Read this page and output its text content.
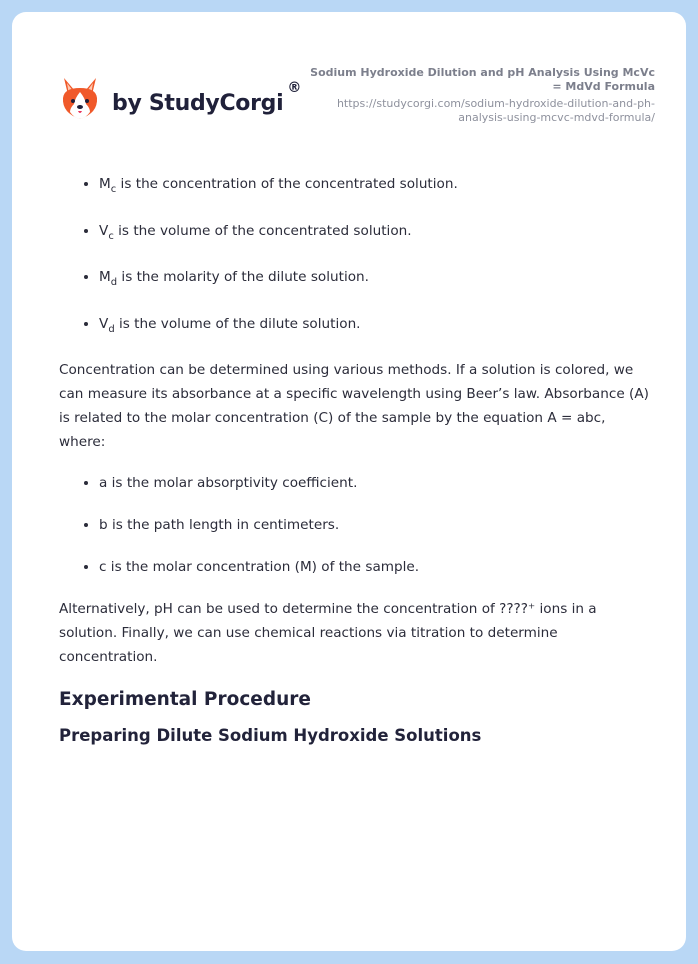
by StudyCorgi
®
Sodium Hydroxide Dilution and pH Analysis Using McVc = MdVd Formula
https://studycorgi.com/sodium-hydroxide-dilution-and-ph-analysis-using-mcvc-mdvd-formula/
• $M_c$ is the concentration of the concentrated solution.
• $V_c$ is the volume of the concentrated solution.
• $M_d$ is the molarity of the dilute solution.
• $V_d$ is the volume of the dilute solution.

Concentration can be determined using various methods. If a solution is colored, we can measure its absorbance at a specific wavelength using Beer’s law. Absorbance (A) is related to the molar concentration (C) of the sample by the equation A = abc, where:

• a is the molar absorptivity coefficient.
• b is the path length in centimeters.
• c is the molar concentration (M) of the sample.

Alternatively, pH can be used to determine the concentration of ????⁺ ions in a solution. Finally, we can use chemical reactions via titration to determine concentration.

Experimental Procedure
Preparing Dilute Sodium Hydroxide Solutions
